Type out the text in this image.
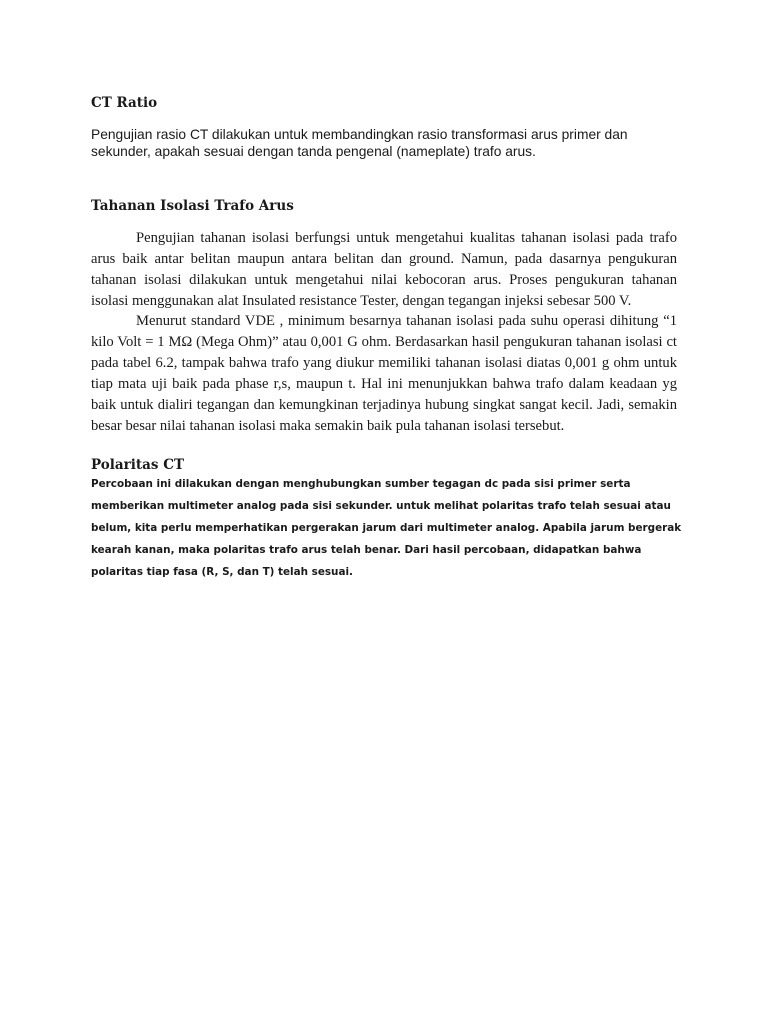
CT Ratio

Pengujian rasio CT dilakukan untuk membandingkan rasio transformasi arus primer dan sekunder, apakah sesuai dengan tanda pengenal (nameplate) trafo arus.

Tahanan Isolasi Trafo Arus

Pengujian tahanan isolasi berfungsi untuk mengetahui kualitas tahanan isolasi pada trafo arus baik antar belitan maupun antara belitan dan ground. Namun, pada dasarnya pengukuran tahanan isolasi dilakukan untuk mengetahui nilai kebocoran arus. Proses pengukuran tahanan isolasi menggunakan alat Insulated resistance Tester, dengan tegangan injeksi sebesar 500 V.

Menurut standard VDE , minimum besarnya tahanan isolasi pada suhu operasi dihitung “1 kilo Volt = 1 MΩ (Mega Ohm)” atau 0,001 G ohm. Berdasarkan hasil pengukuran tahanan isolasi ct pada tabel 6.2, tampak bahwa trafo yang diukur memiliki tahanan isolasi diatas 0,001 g ohm untuk tiap mata uji baik pada phase r,s, maupun t. Hal ini menunjukkan bahwa trafo dalam keadaan yg baik untuk dialiri tegangan dan kemungkinan terjadinya hubung singkat sangat kecil. Jadi, semakin besar besar nilai tahanan isolasi maka semakin baik pula tahanan isolasi tersebut.

Polaritas CT

Percobaan ini dilakukan dengan menghubungkan sumber tegagan dc pada sisi primer serta memberikan multimeter analog pada sisi sekunder. untuk melihat polaritas trafo telah sesuai atau belum, kita perlu memperhatikan pergerakan jarum dari multimeter analog. Apabila jarum bergerak kearah kanan, maka polaritas trafo arus telah benar. Dari hasil percobaan, didapatkan bahwa polaritas tiap fasa (R, S, dan T) telah sesuai.
